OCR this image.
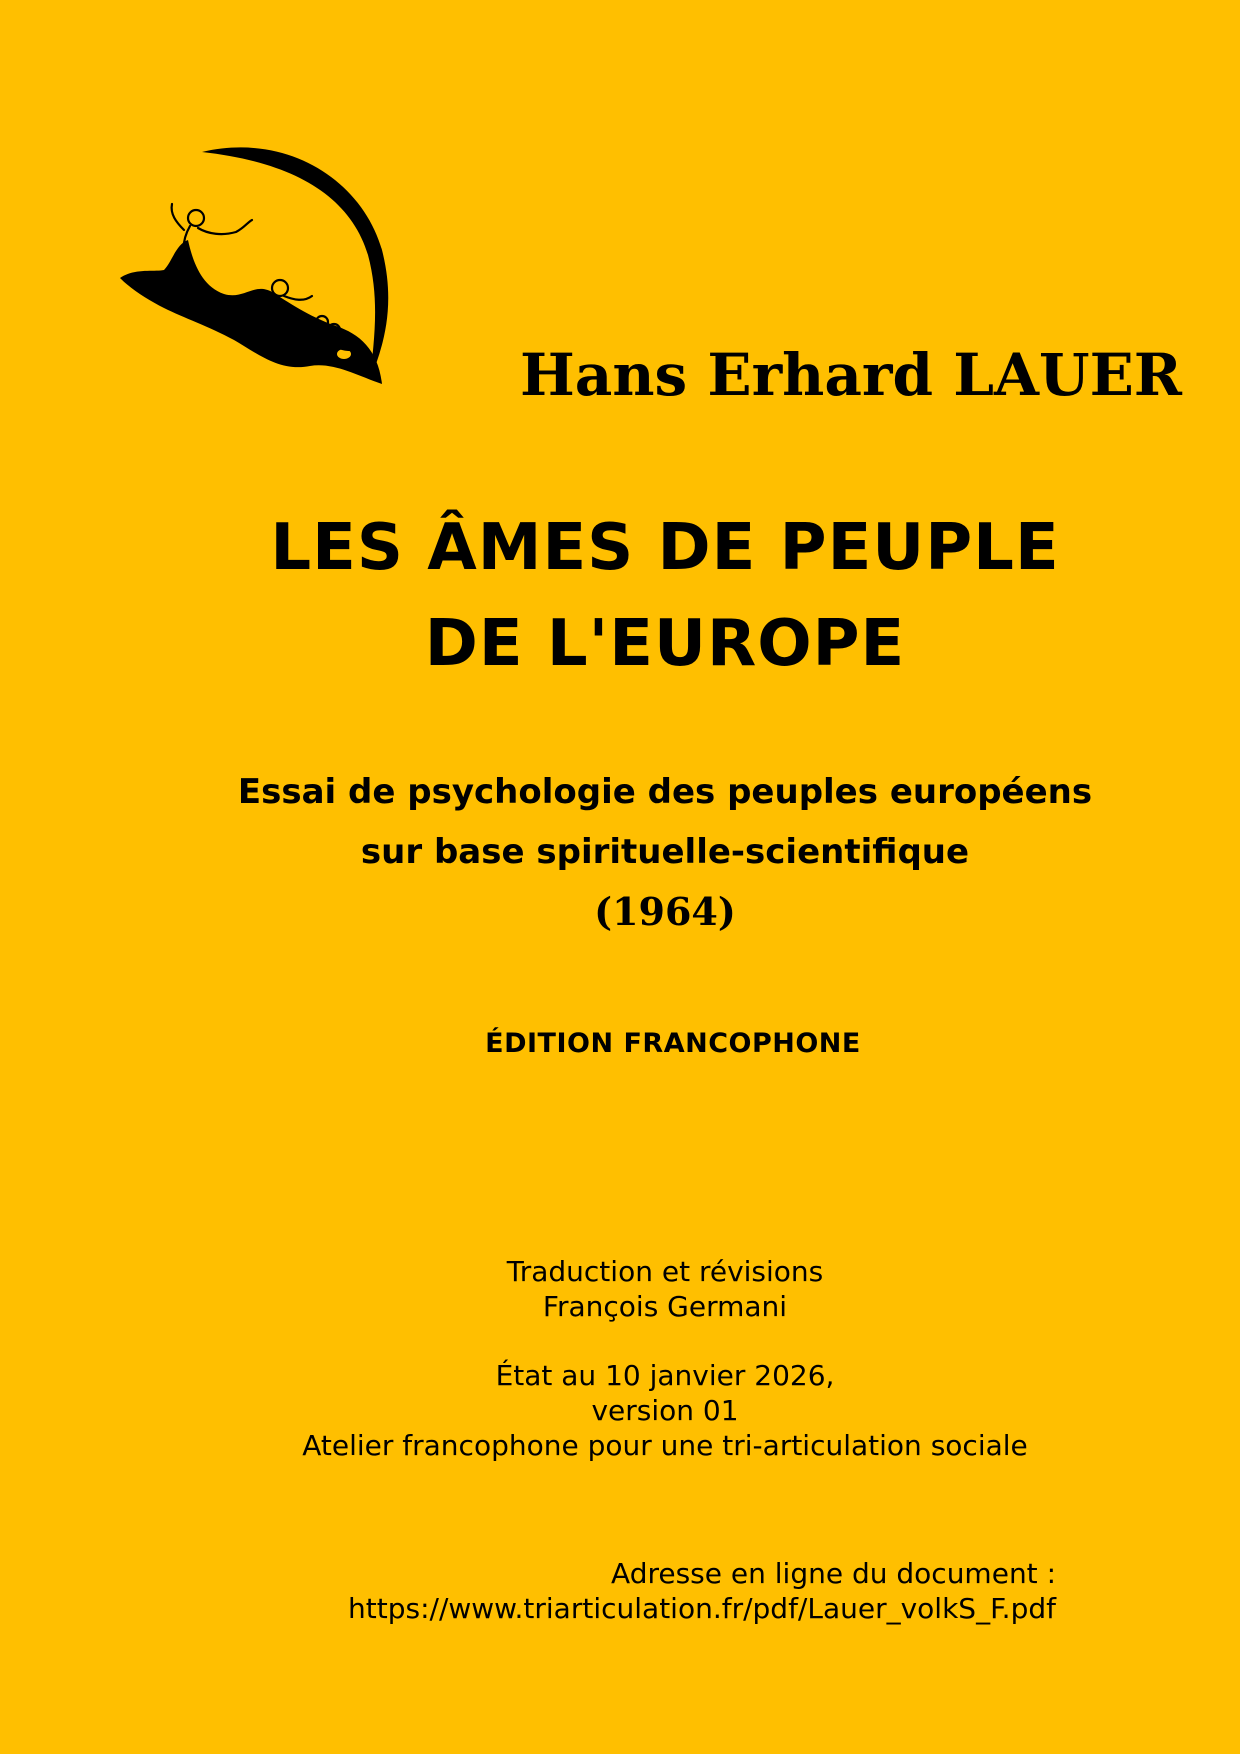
Hans Erhard LAUER
LES ÂMES DE PEUPLE
DE L'EUROPE
Essai de psychologie des peuples européens
sur base spirituelle-scientifique
(1964)
ÉDITION FRANCOPHONE
Traduction et révisions
François Germani
État au 10 janvier 2026,
version 01
Atelier francophone pour une tri-articulation sociale
Adresse en ligne du document :
https://www.triarticulation.fr/pdf/Lauer_volkS_F.pdf
